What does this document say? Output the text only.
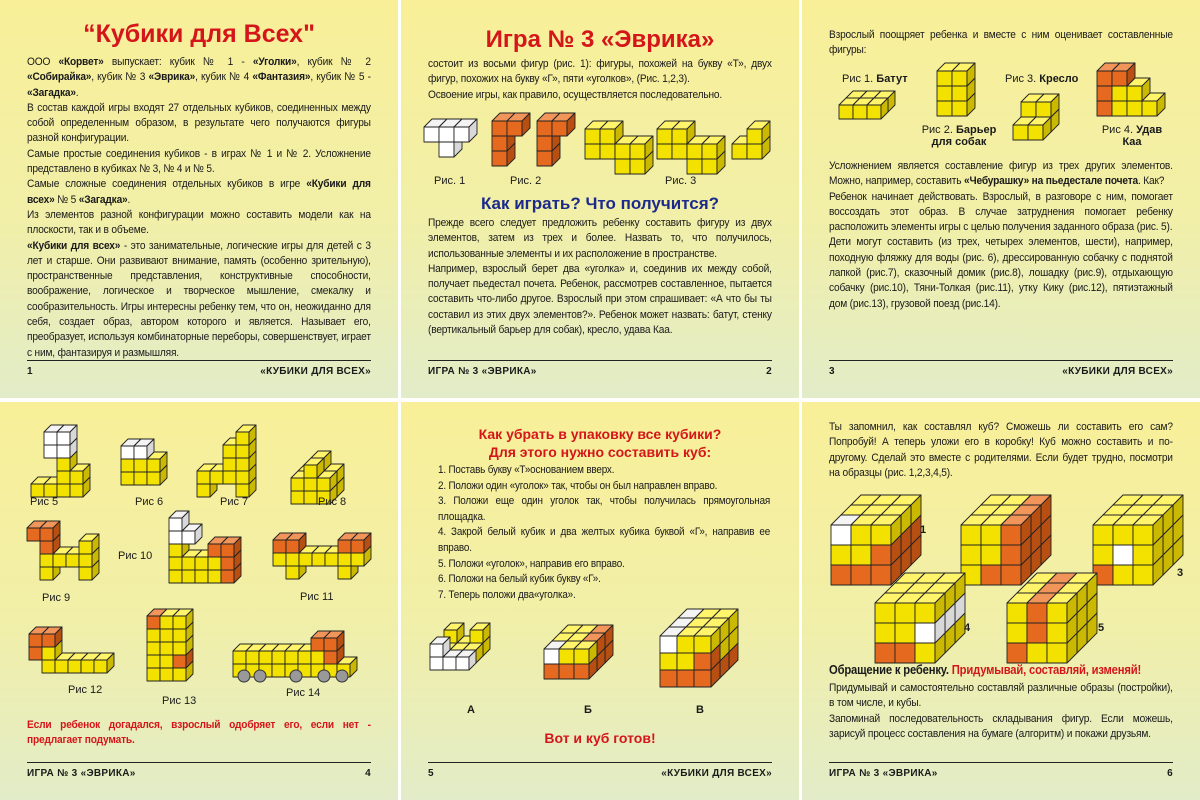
“Кубики для Всех"

ООО «Корвет» выпускает: кубик № 1 - «Уголки», кубик № 2 «Собирайка», кубик № 3 «Эврика», кубик № 4 «Фантазия», кубик № 5 - «Загадка».

В состав каждой игры входят 27 отдельных кубиков, соединенных между собой определенным образом, в результате чего получаются фигуры разной конфигурации.

Самые простые соединения кубиков - в играх № 1 и № 2. Усложнение представлено в кубиках № 3, № 4 и № 5.

Самые сложные соединения отдельных кубиков в игре «Кубики для всех» № 5 «Загадка».

Из элементов разной конфигурации можно составить модели как на плоскости, так и в объеме.

«Кубики для всех» - это занимательные, логические игры для детей с 3 лет и старше. Они развивают внимание, память (особенно зрительную), пространственные представления, конструктивные способности, воображение, логическое и творческое мышление, смекалку и сообразительность. Игры интересны ребенку тем, что он, неожиданно для себя, создает образ, автором которого и является. Называет его, преобразует, используя комбинаторные переборы, совершенствует, играет с ним, фантазируя и размышляя.

1	«КУБИКИ ДЛЯ ВСЕХ»
Игра № 3 «Эврика»

состоит из восьми фигур (рис. 1): фигуры, похожей на букву «Т», двух фигур, похожих на букву «Г», пяти «уголков», (Рис. 1,2,3).

Освоение игры, как правило, осуществляется последовательно.

Рис. 1	Рис. 2	Рис. 3
Как играть? Что получится?

Прежде всего следует предложить ребенку составить фигуру из двух элементов, затем из трех и более. Назвать то, что получилось, использованные элементы и их расположение в пространстве.

Например, взрослый берет два «уголка» и, соединив их между собой, получает пьедестал почета. Ребенок, рассмотрев составленное, пытается составить что-либо другое. Взрослый при этом спрашивает: «А что бы ты составил из этих двух элементов?». Ребенок может назвать: батут, стенку (вертикальный барьер для собак), кресло, удава Каа.

ИГРА № 3 «ЭВРИКА»	2

Взрослый поощряет ребенка и вместе с ним оценивает составленные фигуры:

Рис 1. Батут
Рис 2. Барьер для собак
Рис 3. Кресло
Рис 4. Удав Каа

Усложнением является составление фигур из трех других элементов. Можно, например, составить «Чебурашку» на пьедестале почета. Как?

Ребенок начинает действовать. Взрослый, в разговоре с ним, помогает воссоздать этот образ. В случае затруднения помогает ребенку расположить элементы игры с целью получения заданного образа (рис. 5).

Дети могут составить (из трех, четырех элементов, шести), например, походную фляжку для воды (рис. 6), дрессированную собачку с поднятой лапкой (рис.7), сказочный домик (рис.8), лошадку (рис.9), отдыхающую собачку (рис.10), Тяни-Толкая (рис.11), утку Кику (рис.12), пятиэтажный дом (рис.13), грузовой поезд (рис.14).

3	«КУБИКИ ДЛЯ ВСЕХ»
Рис 5	Рис 6	Рис 7	Рис 8
Рис 9
Рис 10
Рис 11
Рис 12
Рис 13
Рис 14
Если ребенок догадался, взрослый одобряет его, если нет - предлагает подумать.
ИГРА № 3 «ЭВРИКА»	4
Как убрать в упаковку все кубики?
Для этого нужно составить куб:

1. Поставь букву «Т»основанием вверх.

2. Положи один «уголок» так, чтобы он был направлен вправо.

3. Положи еще один уголок так, чтобы получилась прямоугольная площадка.

4. Закрой белый кубик и два желтых кубика буквой «Г», направив ее вправо.

5. Положи «уголок», направив его вправо.

6. Положи на белый кубик букву «Г».

7. Теперь положи два«уголка».

А	Б	В
Вот и куб готов!
5	«КУБИКИ ДЛЯ ВСЕХ»

Ты запомнил, как составлял куб? Сможешь ли составить его сам? Попробуй! А теперь уложи его в коробку! Куб можно составить и по-другому. Сделай это вместе с родителями. Если будет трудно, посмотри на образцы (рис. 1,2,3,4,5).

1
3
4	5
Обращение к ребенку. Придумывай, составляй, изменяй!

Придумывай и самостоятельно составляй различные образы (постройки), в том числе, и кубы.

Запоминай последовательность складывания фигур. Если можешь, зарисуй процесс составления на бумаге (алгоритм) и покажи друзьям.

ИГРА № 3 «ЭВРИКА»	6
